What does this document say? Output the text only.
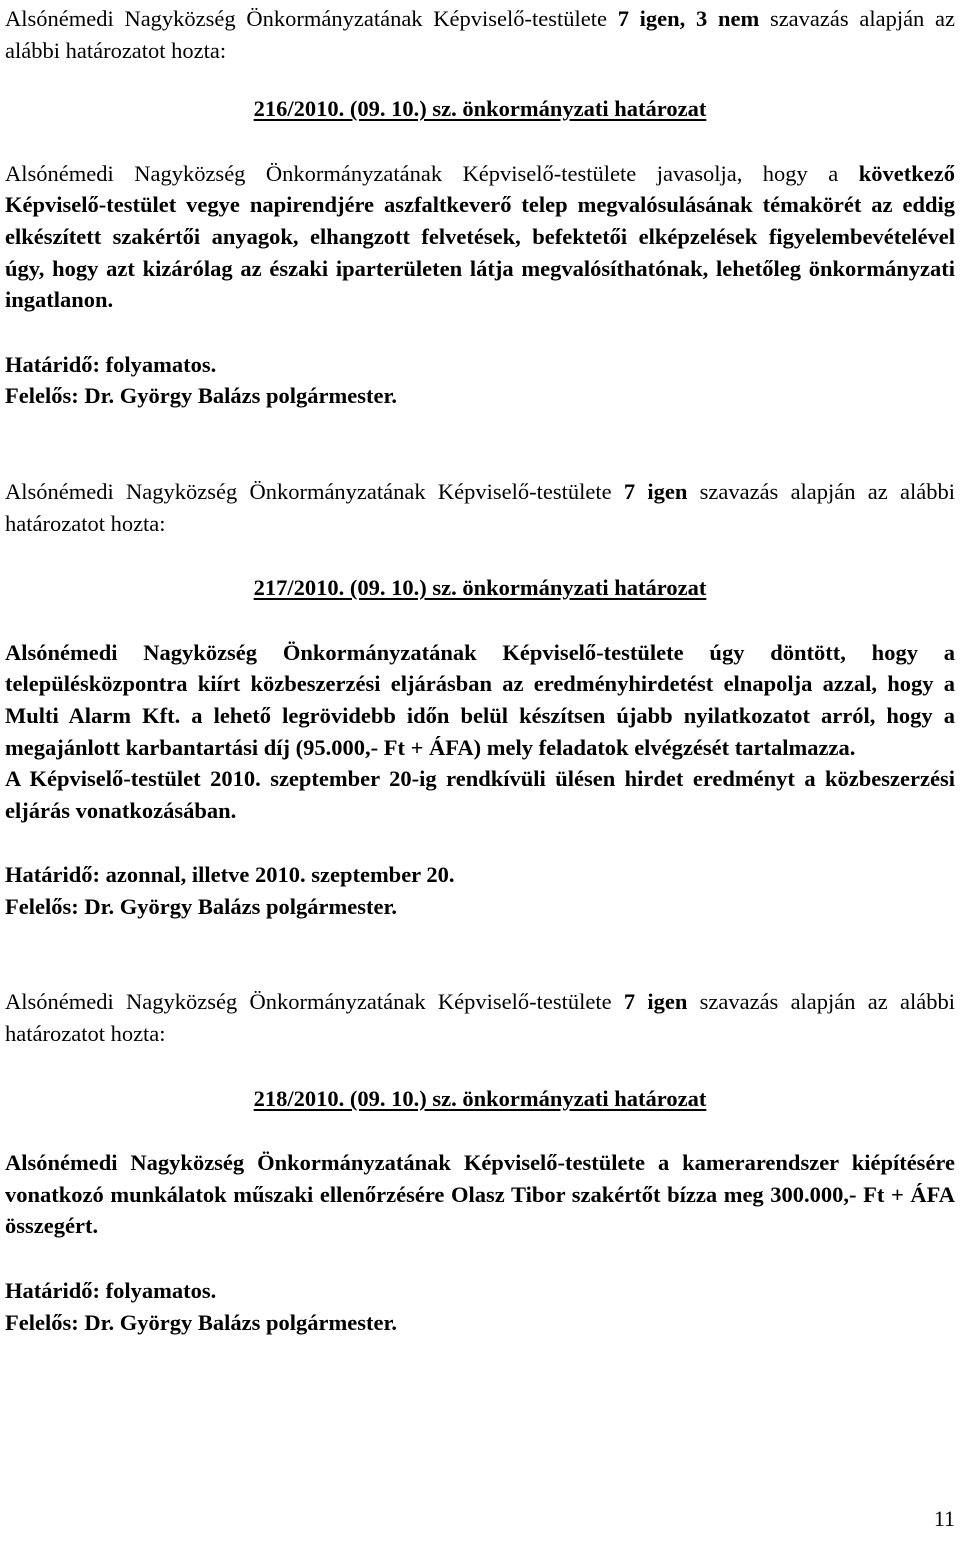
Alsónémedi Nagyközség Önkormányzatának Képviselő-testülete 7 igen, 3 nem szavazás alapján az alábbi határozatot hozta:

216/2010. (09. 10.) sz. önkormányzati határozat

Alsónémedi Nagyközség Önkormányzatának Képviselő-testülete javasolja, hogy a következő Képviselő-testület vegye napirendjére aszfaltkeverő telep megvalósulásának témakörét az eddig elkészített szakértői anyagok, elhangzott felvetések, befektetői elképzelések figyelembevételével úgy, hogy azt kizárólag az északi iparterületen látja megvalósíthatónak, lehetőleg önkormányzati ingatlanon.

Határidő: folyamatos.

Felelős: Dr. György Balázs polgármester.

Alsónémedi Nagyközség Önkormányzatának Képviselő-testülete 7 igen szavazás alapján az alábbi határozatot hozta:

217/2010. (09. 10.) sz. önkormányzati határozat

Alsónémedi Nagyközség Önkormányzatának Képviselő-testülete úgy döntött, hogy a településközpontra kiírt közbeszerzési eljárásban az eredményhirdetést elnapolja azzal, hogy a Multi Alarm Kft. a lehető legrövidebb időn belül készítsen újabb nyilatkozatot arról, hogy a megajánlott karbantartási díj (95.000,- Ft + ÁFA) mely feladatok elvégzését tartalmazza.

A Képviselő-testület 2010. szeptember 20-ig rendkívüli ülésen hirdet eredményt a közbeszerzési eljárás vonatkozásában.

Határidő: azonnal, illetve 2010. szeptember 20.

Felelős: Dr. György Balázs polgármester.

Alsónémedi Nagyközség Önkormányzatának Képviselő-testülete 7 igen szavazás alapján az alábbi határozatot hozta:

218/2010. (09. 10.) sz. önkormányzati határozat

Alsónémedi Nagyközség Önkormányzatának Képviselő-testülete a kamerarendszer kiépítésére vonatkozó munkálatok műszaki ellenőrzésére Olasz Tibor szakértőt bízza meg 300.000,- Ft + ÁFA összegért.

Határidő: folyamatos.

Felelős: Dr. György Balázs polgármester.

11
